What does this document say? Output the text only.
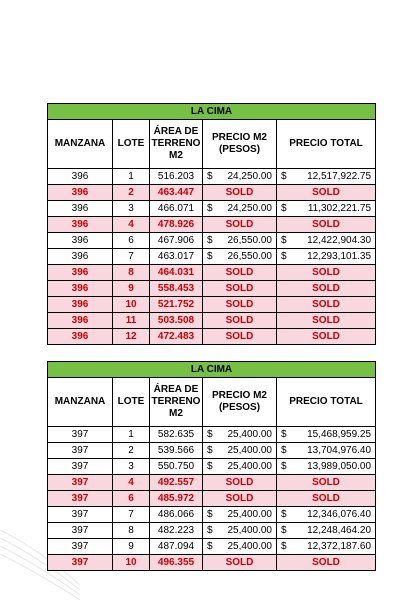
LA CIMA				
MANZANA	LOTE	ÁREA DE TERRENO M2	PRECIO M2 (PESOS)	PRECIO TOTAL
396	1	516.203	$ 24,250.00	$ 12,517,922.75

396	2	463.447	SOLD	SOLD
396	3	466.071	$ 24,250.00	$ 11,302,221.75

396	4	478.926	SOLD	SOLD
396	6	467.906	$ 26,550.00	$ 12,422,904.30

396	7	463.017	$ 26,550.00	$ 12,293,101.35

396	8	464.031	SOLD	SOLD
396	9	558.453	SOLD	SOLD
396	10	521.752	SOLD	SOLD
396	11	503.508	SOLD	SOLD
396	12	472.483	SOLD	SOLD
LA CIMA				
MANZANA	LOTE	ÁREA DE TERRENO M2	PRECIO M2 (PESOS)	PRECIO TOTAL
397	1	582.635	$ 25,400.00	$ 15,468,959.25

397	2	539.566	$ 25,400.00	$ 13,704,976.40

397	3	550.750	$ 25,400.00	$ 13,989,050.00

397	4	492.557	SOLD	SOLD
397	6	485.972	SOLD	SOLD
397	7	486.066	$ 25,400.00	$ 12,346,076.40

397	8	482.223	$ 25,400.00	$ 12,248,464.20

397	9	487.094	$ 25,400.00	$ 12,372,187.60

397	10	496.355	SOLD	SOLD
